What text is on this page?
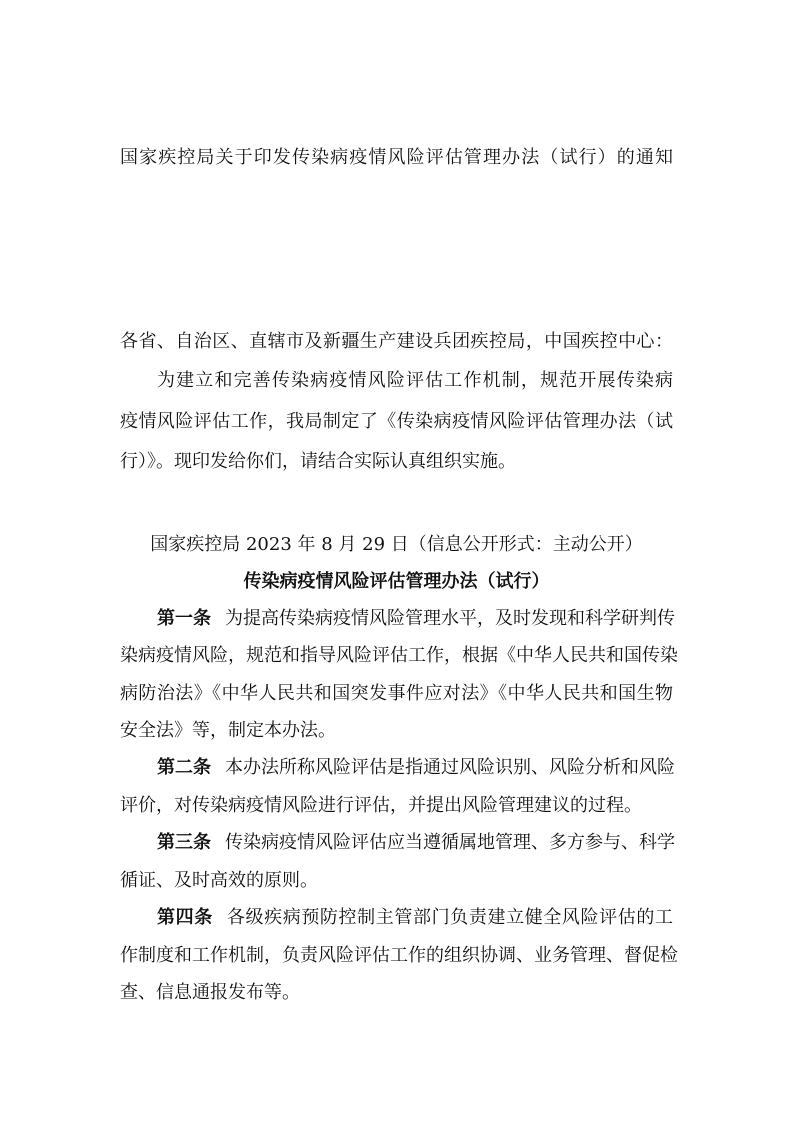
国家疾控局关于印发传染病疫情风险评估管理办法（试行）的通知
各省、自治区、直辖市及新疆生产建设兵团疾控局，中国疾控中心：
为建立和完善传染病疫情风险评估工作机制，规范开展传染病
疫情风险评估工作，我局制定了《传染病疫情风险评估管理办法（试
行）》。现印发给你们，请结合实际认真组织实施。
国家疾控局 2023 年 8 月 29 日（信息公开形式：主动公开）
传染病疫情风险评估管理办法（试行）
第一条 为提高传染病疫情风险管理水平，及时发现和科学研判传
染病疫情风险，规范和指导风险评估工作，根据《中华人民共和国传染
病防治法》《中华人民共和国突发事件应对法》《中华人民共和国生物
安全法》等，制定本办法。
第二条 本办法所称风险评估是指通过风险识别、风险分析和风险
评价，对传染病疫情风险进行评估，并提出风险管理建议的过程。
第三条 传染病疫情风险评估应当遵循属地管理、多方参与、科学
循证、及时高效的原则。
第四条 各级疾病预防控制主管部门负责建立健全风险评估的工
作制度和工作机制，负责风险评估工作的组织协调、业务管理、督促检
查、信息通报发布等。
